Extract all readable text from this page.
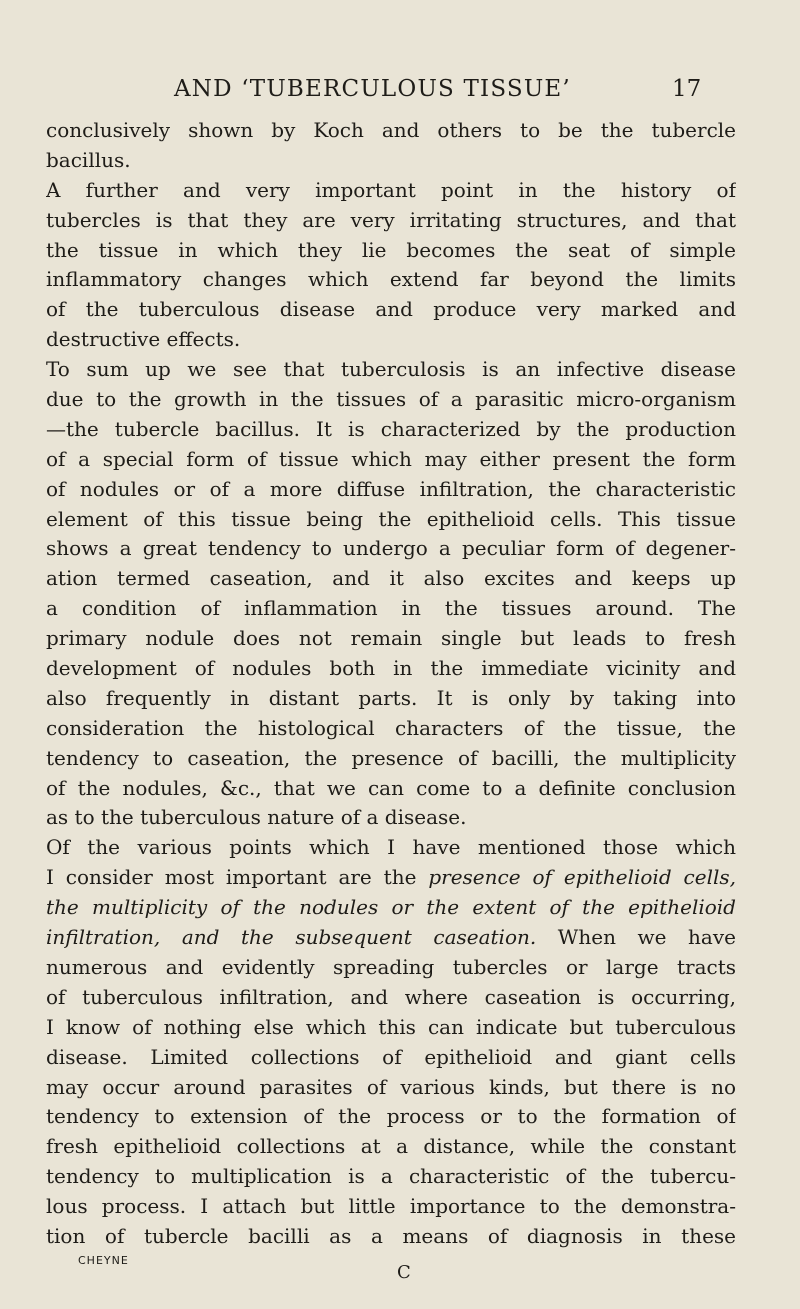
AND ‘TUBERCULOUS TISSUE’	17
conclusively shown by Koch and others to be the tubercle
bacillus.
A further and very important point in the history of
tubercles is that they are very irritating structures, and that
the tissue in which they lie becomes the seat of simple
inflammatory changes which extend far beyond the limits
of the tuberculous disease and produce very marked and
destructive effects.
To sum up we see that tuberculosis is an infective disease
due to the growth in the tissues of a parasitic micro-organism
—the tubercle bacillus. It is characterized by the production
of a special form of tissue which may either present the form
of nodules or of a more diffuse infiltration, the characteristic
element of this tissue being the epithelioid cells. This tissue
shows a great tendency to undergo a peculiar form of degener-
ation termed caseation, and it also excites and keeps up
a condition of inflammation in the tissues around. The
primary nodule does not remain single but leads to fresh
development of nodules both in the immediate vicinity and
also frequently in distant parts. It is only by taking into
consideration the histological characters of the tissue, the
tendency to caseation, the presence of bacilli, the multiplicity
of the nodules, &c., that we can come to a definite conclusion
as to the tuberculous nature of a disease.
Of the various points which I have mentioned those which
I consider most important are the presence of epithelioid cells,
the multiplicity of the nodules or the extent of the epithelioid
infiltration, and the subsequent caseation. When we have
numerous and evidently spreading tubercles or large tracts
of tuberculous infiltration, and where caseation is occurring,
I know of nothing else which this can indicate but tuberculous
disease. Limited collections of epithelioid and giant cells
may occur around parasites of various kinds, but there is no
tendency to extension of the process or to the formation of
fresh epithelioid collections at a distance, while the constant
tendency to multiplication is a characteristic of the tubercu-
lous process. I attach but little importance to the demonstra-
tion of tubercle bacilli as a means of diagnosis in these
CHEYNE
C
